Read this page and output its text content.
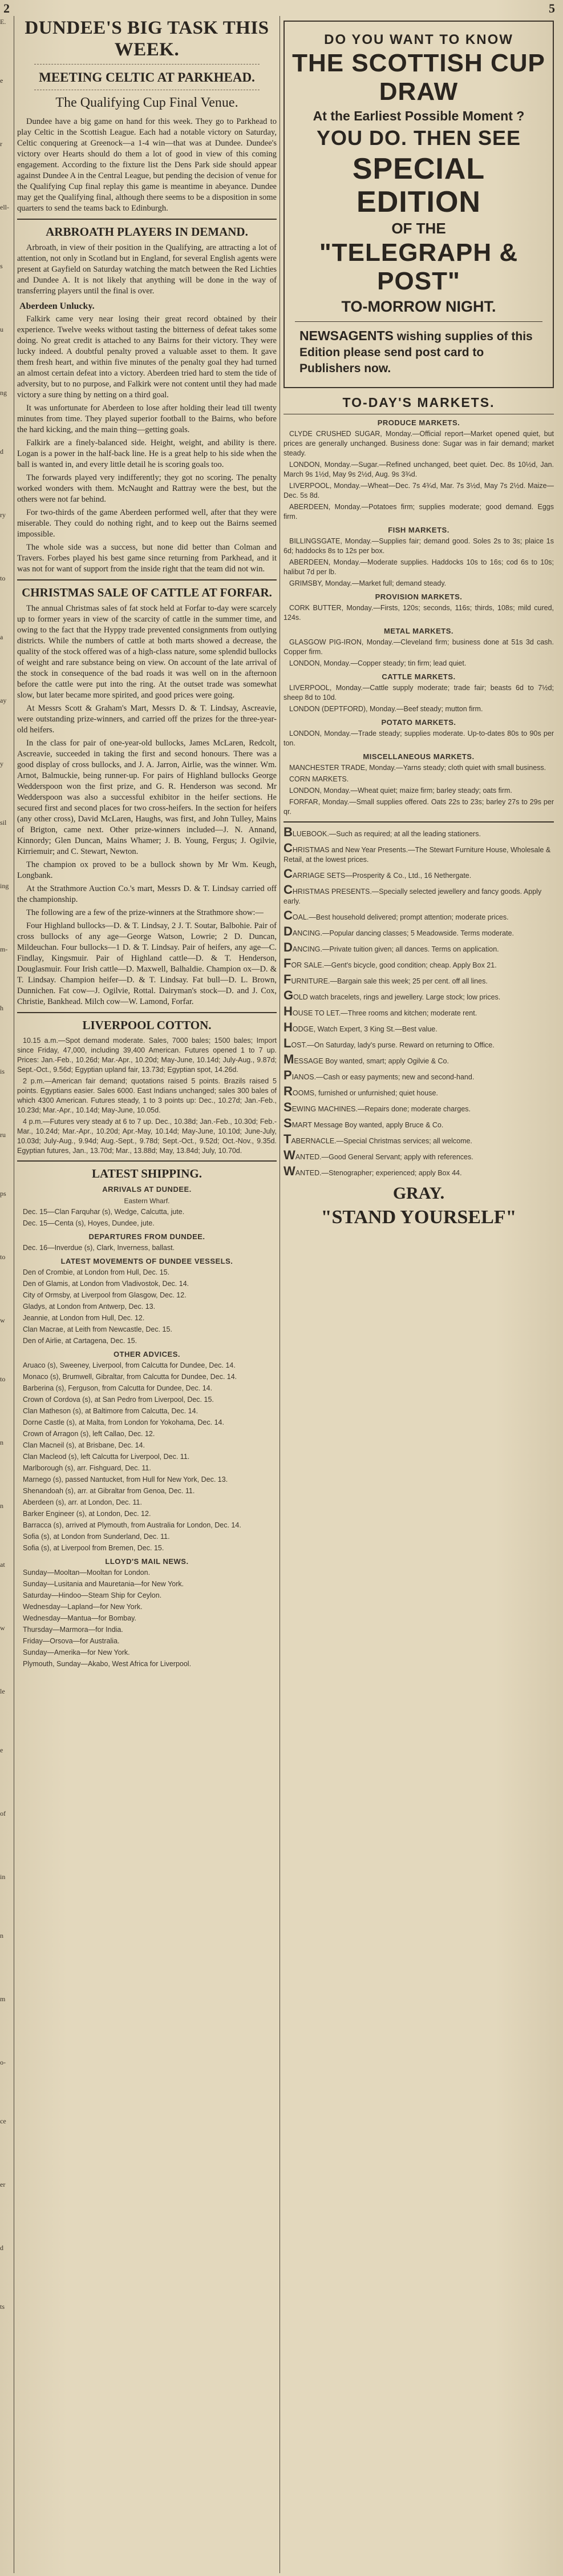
2	5
E.
e
r
ell-
s
u
ng
d
ry
to
a
ay
y
sil
ing
m-
h
is
ru
ps
to
w
to
n
n
at
w
le
e
of
in
n
m
o-
ce
er
d
ts
DUNDEE'S BIG TASK THIS WEEK.
MEETING CELTIC AT PARKHEAD.
The Qualifying Cup Final Venue.

Dundee have a big game on hand for this week. They go to Parkhead to play Celtic in the Scottish League. Each had a notable victory on Saturday, Celtic conquering at Greenock—a 1-4 win—that was at Dundee. Dundee's victory over Hearts should do them a lot of good in view of this coming engagement. According to the fixture list the Dens Park side should appear against Dundee A in the Central League, but pending the decision of venue for the Qualifying Cup final replay this game is meantime in abeyance. Dundee may get the Qualifying final, although there seems to be a disposition in some quarters to send the teams back to Edinburgh.

ARBROATH PLAYERS IN DEMAND.

Arbroath, in view of their position in the Qualifying, are attracting a lot of attention, not only in Scotland but in England, for several English agents were present at Gayfield on Saturday watching the match between the Red Lichties and Dundee A. It is not likely that anything will be done in the way of transferring players until the final is over.

Aberdeen Unlucky.

Falkirk came very near losing their great record obtained by their experience. Twelve weeks without tasting the bitterness of defeat takes some doing. No great credit is attached to any Bairns for their victory. They were lucky indeed. A doubtful penalty proved a valuable asset to them. It gave them fresh heart, and within five minutes of the penalty goal they had turned an almost certain defeat into a victory. Aberdeen tried hard to stem the tide of adversity, but to no purpose, and Falkirk were not content until they had made victory a sure thing by netting on a third goal.

It was unfortunate for Aberdeen to lose after holding their lead till twenty minutes from time. They played superior football to the Bairns, who before the hard kicking, and the main thing—getting goals.

Falkirk are a finely-balanced side. Height, weight, and ability is there. Logan is a power in the half-back line. He is a great help to his side when the ball is wanted in, and every little detail he is scoring goals too.

The forwards played very indifferently; they got no scoring. The penalty worked wonders with them. McNaught and Rattray were the best, but the others were not far behind.

For two-thirds of the game Aberdeen performed well, after that they were miserable. They could do nothing right, and to keep out the Bairns seemed impossible.

The whole side was a success, but none did better than Colman and Travers. Forbes played his best game since returning from Parkhead, and it was not for want of support from the inside right that the team did not win.

CHRISTMAS SALE OF CATTLE AT FORFAR.

The annual Christmas sales of fat stock held at Forfar to-day were scarcely up to former years in view of the scarcity of cattle in the summer time, and owing to the fact that the Hyppy trade prevented consignments from outlying districts. While the numbers of cattle at both marts showed a decrease, the quality of the stock offered was of a high-class nature, some splendid bullocks of weight and rare substance being on view. On account of the late arrival of the stock in consequence of the bad roads it was well on in the afternoon before the cattle were put into the ring. At the outset trade was somewhat slow, but later became more spirited, and good prices were going.

At Messrs Scott & Graham's Mart, Messrs D. & T. Lindsay, Ascreavie, were outstanding prize-winners, and carried off the prizes for the three-year-old heifers.

In the class for pair of one-year-old bullocks, James McLaren, Redcolt, Ascreavie, succeeded in taking the first and second honours. There was a good display of cross bullocks, and J. A. Jarron, Airlie, was the winner. Wm. Arnot, Balmuckie, being runner-up. For pairs of Highland bullocks George Wedderspoon won the first prize, and G. R. Henderson was second. Mr Wedderspoon was also a successful exhibitor in the heifer sections. He secured first and second places for two cross-heifers. In the section for heifers (any other cross), David McLaren, Haughs, was first, and John Tulley, Mains of Brigton, came next. Other prize-winners included—J. N. Annand, Kinnordy; Glen Duncan, Mains Whamer; J. B. Young, Fergus; J. Ogilvie, Kirriemuir; and C. Stewart, Newton.

The champion ox proved to be a bullock shown by Mr Wm. Keugh, Longbank.

At the Strathmore Auction Co.'s mart, Messrs D. & T. Lindsay carried off the championship.

The following are a few of the prize-winners at the Strathmore show:—

Four Highland bullocks—D. & T. Lindsay, 2 J. T. Soutar, Balbohie. Pair of cross bullocks of any age—George Watson, Lowrie; 2 D. Duncan, Mildeuchan. Four bullocks—1 D. & T. Lindsay. Pair of heifers, any age—C. Findlay, Kingsmuir. Pair of Highland cattle—D. & T. Henderson, Douglasmuir. Four Irish cattle—D. Maxwell, Balhaldie. Champion ox—D. & T. Lindsay. Champion heifer—D. & T. Lindsay. Fat bull—D. L. Brown, Dunnichen. Fat cow—J. Ogilvie, Rottal. Dairyman's stock—D. and J. Cox, Christie, Bankhead. Milch cow—W. Lamond, Forfar.

LIVERPOOL COTTON.

10.15 a.m.—Spot demand moderate. Sales, 7000 bales; 1500 bales; Import since Friday, 47,000, including 39,400 American. Futures opened 1 to 7 up. Prices: Jan.-Feb., 10.26d; Mar.-Apr., 10.20d; May-June, 10.14d; July-Aug., 9.87d; Sept.-Oct., 9.56d; Egyptian upland fair, 13.73d; Egyptian spot, 14.26d.

2 p.m.—American fair demand; quotations raised 5 points. Brazils raised 5 points. Egyptians easier. Sales 6000. East Indians unchanged; sales 300 bales of which 4300 American. Futures steady, 1 to 3 points up: Dec., 10.27d; Jan.-Feb., 10.23d; Mar.-Apr., 10.14d; May-June, 10.05d.

4 p.m.—Futures very steady at 6 to 7 up. Dec., 10.38d; Jan.-Feb., 10.30d; Feb.-Mar., 10.24d; Mar.-Apr., 10.20d; Apr.-May, 10.14d; May-June, 10.10d; June-July, 10.03d; July-Aug., 9.94d; Aug.-Sept., 9.78d; Sept.-Oct., 9.52d; Oct.-Nov., 9.35d. Egyptian futures, Jan., 13.70d; Mar., 13.88d; May, 13.84d; July, 10.70d.

LATEST SHIPPING.
ARRIVALS AT DUNDEE.
Eastern Wharf.

Dec. 15—Clan Farquhar (s), Wedge, Calcutta, jute.

Dec. 15—Centa (s), Hoyes, Dundee, jute.

DEPARTURES FROM DUNDEE.

Dec. 16—Inverdue (s), Clark, Inverness, ballast.

LATEST MOVEMENTS OF DUNDEE VESSELS.

Den of Crombie, at London from Hull, Dec. 15.

Den of Glamis, at London from Vladivostok, Dec. 14.

City of Ormsby, at Liverpool from Glasgow, Dec. 12.

Gladys, at London from Antwerp, Dec. 13.

Jeannie, at London from Hull, Dec. 12.

Clan Macrae, at Leith from Newcastle, Dec. 15.

Den of Airlie, at Cartagena, Dec. 15.

OTHER ADVICES.

Aruaco (s), Sweeney, Liverpool, from Calcutta for Dundee, Dec. 14.

Monaco (s), Brumwell, Gibraltar, from Calcutta for Dundee, Dec. 14.

Barberina (s), Ferguson, from Calcutta for Dundee, Dec. 14.

Crown of Cordova (s), at San Pedro from Liverpool, Dec. 15.

Clan Matheson (s), at Baltimore from Calcutta, Dec. 14.

Dorne Castle (s), at Malta, from London for Yokohama, Dec. 14.

Crown of Arragon (s), left Callao, Dec. 12.

Clan Macneil (s), at Brisbane, Dec. 14.

Clan Macleod (s), left Calcutta for Liverpool, Dec. 11.

Marlborough (s), arr. Fishguard, Dec. 11.

Marnego (s), passed Nantucket, from Hull for New York, Dec. 13.

Shenandoah (s), arr. at Gibraltar from Genoa, Dec. 11.

Aberdeen (s), arr. at London, Dec. 11.

Barker Engineer (s), at London, Dec. 12.

Barracca (s), arrived at Plymouth, from Australia for London, Dec. 14.

Sofia (s), at London from Sunderland, Dec. 11.

Sofia (s), at Liverpool from Bremen, Dec. 15.

LLOYD'S MAIL NEWS.

Sunday—Mooltan—Mooltan for London.

Sunday—Lusitania and Mauretania—for New York.

Saturday—Hindoo—Steam Ship for Ceylon.

Wednesday—Lapland—for New York.

Wednesday—Mantua—for Bombay.

Thursday—Marmora—for India.

Friday—Orsova—for Australia.

Sunday—Amerika—for New York.

Plymouth, Sunday—Akabo, West Africa for Liverpool.

DO YOU WANT TO KNOW
THE SCOTTISH CUP DRAW
At the Earliest Possible Moment ?
YOU DO. THEN SEE
SPECIAL EDITION
OF THE
"TELEGRAPH & POST"
TO-MORROW NIGHT.
NEWSAGENTS wishing supplies of this Edition please send post card to Publishers now.
TO-DAY'S MARKETS.
PRODUCE MARKETS.

CLYDE CRUSHED SUGAR, Monday.—Official report—Market opened quiet, but prices are generally unchanged. Business done: Sugar was in fair demand; market steady.

LONDON, Monday.—Sugar.—Refined unchanged, beet quiet. Dec. 8s 10½d, Jan. March 9s 1½d, May 9s 2½d, Aug. 9s 3¾d.

LIVERPOOL, Monday.—Wheat—Dec. 7s 4¾d, Mar. 7s 3½d, May 7s 2½d. Maize—Dec. 5s 8d.

ABERDEEN, Monday.—Potatoes firm; supplies moderate; good demand. Eggs firm.

FISH MARKETS.

BILLINGSGATE, Monday.—Supplies fair; demand good. Soles 2s to 3s; plaice 1s 6d; haddocks 8s to 12s per box.

ABERDEEN, Monday.—Moderate supplies. Haddocks 10s to 16s; cod 6s to 10s; halibut 7d per lb.

GRIMSBY, Monday.—Market full; demand steady.

PROVISION MARKETS.

CORK BUTTER, Monday.—Firsts, 120s; seconds, 116s; thirds, 108s; mild cured, 124s.

METAL MARKETS.

GLASGOW PIG-IRON, Monday.—Cleveland firm; business done at 51s 3d cash. Copper firm.

LONDON, Monday.—Copper steady; tin firm; lead quiet.

CATTLE MARKETS.

LIVERPOOL, Monday.—Cattle supply moderate; trade fair; beasts 6d to 7½d; sheep 8d to 10d.

LONDON (DEPTFORD), Monday.—Beef steady; mutton firm.

POTATO MARKETS.

LONDON, Monday.—Trade steady; supplies moderate. Up-to-dates 80s to 90s per ton.

MISCELLANEOUS MARKETS.

MANCHESTER TRADE, Monday.—Yarns steady; cloth quiet with small business.

CORN MARKETS.

LONDON, Monday.—Wheat quiet; maize firm; barley steady; oats firm.

FORFAR, Monday.—Small supplies offered. Oats 22s to 23s; barley 27s to 29s per qr.

BLUEBOOK.—Such as required; at all the leading stationers.
CHRISTMAS and New Year Presents.—The Stewart Furniture House, Wholesale & Retail, at the lowest prices.
CARRIAGE SETS—Prosperity & Co., Ltd., 16 Nethergate.
CHRISTMAS PRESENTS.—Specially selected jewellery and fancy goods. Apply early.
COAL.—Best household delivered; prompt attention; moderate prices.
DANCING.—Popular dancing classes; 5 Meadowside. Terms moderate.
DANCING.—Private tuition given; all dances. Terms on application.
FOR SALE.—Gent's bicycle, good condition; cheap. Apply Box 21.
FURNITURE.—Bargain sale this week; 25 per cent. off all lines.
GOLD watch bracelets, rings and jewellery. Large stock; low prices.
HOUSE TO LET.—Three rooms and kitchen; moderate rent.
HODGE, Watch Expert, 3 King St.—Best value.
LOST.—On Saturday, lady's purse. Reward on returning to Office.
MESSAGE Boy wanted, smart; apply Ogilvie & Co.
PIANOS.—Cash or easy payments; new and second-hand.
ROOMS, furnished or unfurnished; quiet house.
SEWING MACHINES.—Repairs done; moderate charges.
SMART Message Boy wanted, apply Bruce & Co.
TABERNACLE.—Special Christmas services; all welcome.
WANTED.—Good General Servant; apply with references.
WANTED.—Stenographer; experienced; apply Box 44.
GRAY.
"STAND YOURSELF"
